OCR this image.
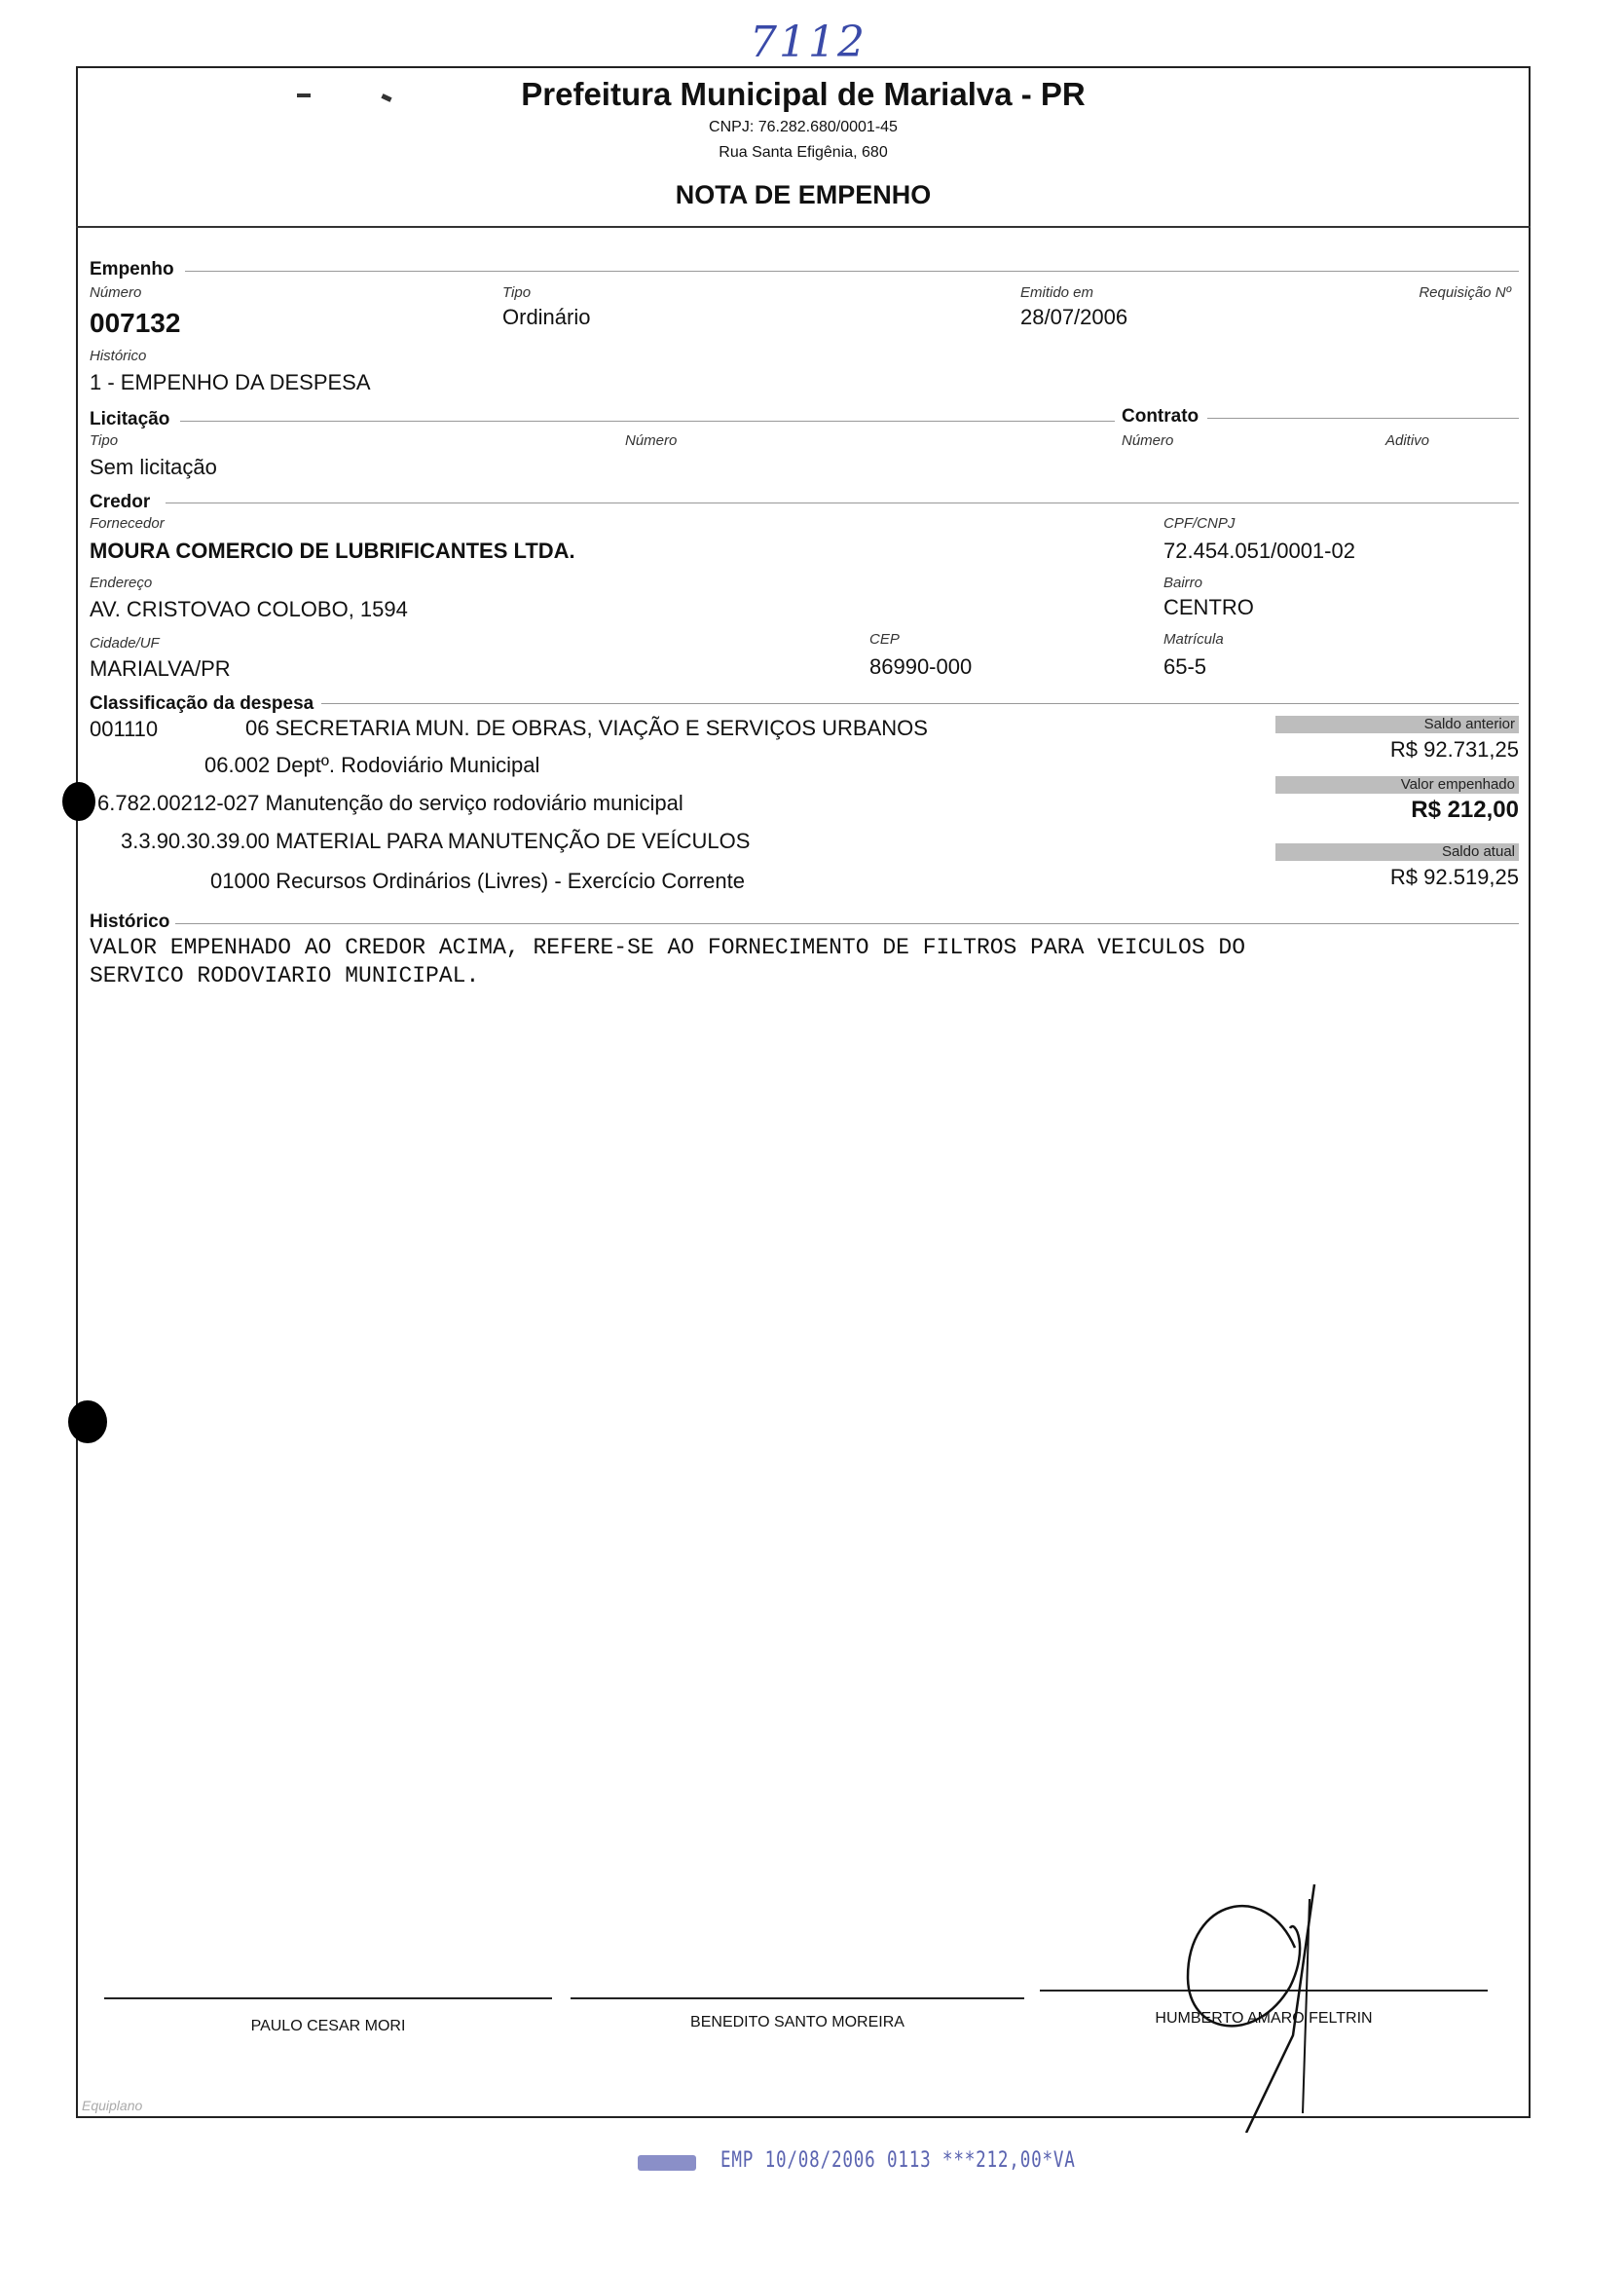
7112
Prefeitura Municipal de Marialva - PR
CNPJ: 76.282.680/0001-45
Rua Santa Efigênia, 680
NOTA DE EMPENHO
Empenho
Número
007132
Tipo
Ordinário
Emitido em
28/07/2006
Requisição Nº
Histórico
1 - EMPENHO DA DESPESA
Licitação
Tipo
Sem licitação
Número
Contrato
Número	Aditivo
Credor
Fornecedor
MOURA COMERCIO DE LUBRIFICANTES LTDA.
CPF/CNPJ
72.454.051/0001-02
Endereço
AV. CRISTOVAO COLOBO, 1594
Bairro
CENTRO
Cidade/UF
MARIALVA/PR
CEP
86990-000
Matrícula
65-5
Classificação da despesa
001110	06 SECRETARIA MUN. DE OBRAS, VIAÇÃO E SERVIÇOS URBANOS
06.002 Deptº. Rodoviário Municipal
6.782.00212-027 Manutenção do serviço rodoviário municipal
3.3.90.30.39.00 MATERIAL PARA MANUTENÇÃO DE VEÍCULOS
01000 Recursos Ordinários (Livres) - Exercício Corrente
Saldo anterior
R$ 92.731,25
Valor empenhado
R$ 212,00
Saldo atual
R$ 92.519,25
Histórico
VALOR EMPENHADO AO CREDOR ACIMA, REFERE-SE AO FORNECIMENTO DE FILTROS PARA VEICULOS DO
SERVICO RODOVIARIO MUNICIPAL.
PAULO CESAR MORI	BENEDITO SANTO MOREIRA	HUMBERTO AMARO FELTRIN
Equiplano
EMP 10/08/2006 0113 ***212,00*VA
